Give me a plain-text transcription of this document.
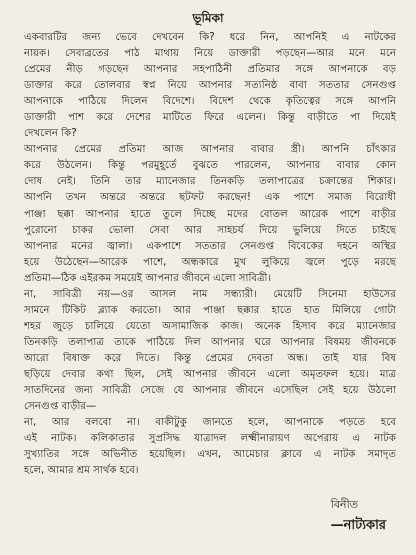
ভূমিকা
একবারটির জন্য ভেবে দেখবেন কি? ধরে নিন, আপনিই এ নাটকের
নায়ক। সেবাব্রতের পাঠ মাথায় নিয়ে ডাক্তারী পড়ছেন—আর মনে মনে
প্রেমের নীড় গড়ছেন আপনার সহপাঠিনী প্রতিমার সঙ্গে আপনাকে বড়
ডাক্তার করে তোলবার স্বপ্ন নিয়ে আপনার সত্যনিষ্ঠ বাবা সততার সেনগুপ্ত
আপনাকে পাঠিয়ে দিলেন বিদেশে। বিদেশ থেকে কৃতিত্বের সঙ্গে আপনি
ডাক্তারী পাশ করে দেশের মাটিতে ফিরে এলেন। কিন্তু বাড়ীতে পা দিয়েই
দেখলেন কি?
আপনার প্রেমের প্রতিমা আজ আপনার বাবার স্ত্রী। আপনি চাঁৎকার
করে উঠলেন। কিন্তু পরমুহূর্তে বুঝতে পারলেন, আপনার বাবার কোন
দোষ নেই। তিনি তার ম্যানেজার তিনকড়ি তলাপাত্রের চক্রান্তের শিকার।
আপনি তখন অন্তরে অন্তরে ছটফট করছেন! এক পাশে সমাজ বিরোধী
পাঞ্জা ছক্কা আপনার হাতে তুলে দিচ্ছে মদের বোতল আরেক পাশে বাড়ীর
পুরোনো চাকর ভোলা সেবা আর সাহচর্য দিয়ে ভুলিয়ে দিতে চাইছে
আপনার মনের জ্বালা। একপাশে সততার সেনগুপ্ত বিবেকের দহনে অস্থির
হয়ে উঠেছেন—আরেক পাশে, অন্ধকারে মুখ লুকিয়ে জ্বলে পুড়ে মরছে
প্রতিমা—ঠিক এইরকম সময়েই আপনার জীবনে এলো সাবিত্রী।
না, সাবিত্রী নয়—ওর আসল নাম সন্ধ্যারী। মেয়েটি সিনেমা হাউসের
সামনে টিকিট ব্ল্যাক করতো। আর পাঞ্জা ছক্কার হাতে হাত মিলিয়ে গোটা
শহর জুড়ে চালিয়ে যেতো অসামাজিক কাজ। অনেক হিসাব করে ম্যানেজার
তিনকড়ি তলাপাত্র তাকে পাঠিয়ে দিল আপনার ঘরে আপনার বিষময় জীবনকে
আরো বিষাক্ত করে দিতে। কিন্তু প্রেমের দেবতা অন্ধ। তাই যার বিষ
ছড়িয়ে দেবার কথা ছিল, সেই আপনার জীবনে এলো অমৃতফল হয়ে। মাত্র
সাতদিনের জন্য সাবিত্রী সেজে যে আপনার জীবনে এসেছিল সেই হয়ে উঠলো
সেনগুপ্ত বাড়ীর—
না, আর বলবো না। বাকীটুকু জানতে হলে, আপনাকে পড়তে হবে
এই নাটক। কলিকাতার সুপ্রসিদ্ধ যাত্রাদল লক্ষ্মীনারায়ণ অপেরায় এ নাটক
সুখ্যাতির সঙ্গে অভিনীত হয়েছিল। এখন, আমেচার ক্লাবে এ নাটক সমাদৃত
হলে, আমার শ্রম সার্থক হবে।
বিনীত
—নাট্যকার
